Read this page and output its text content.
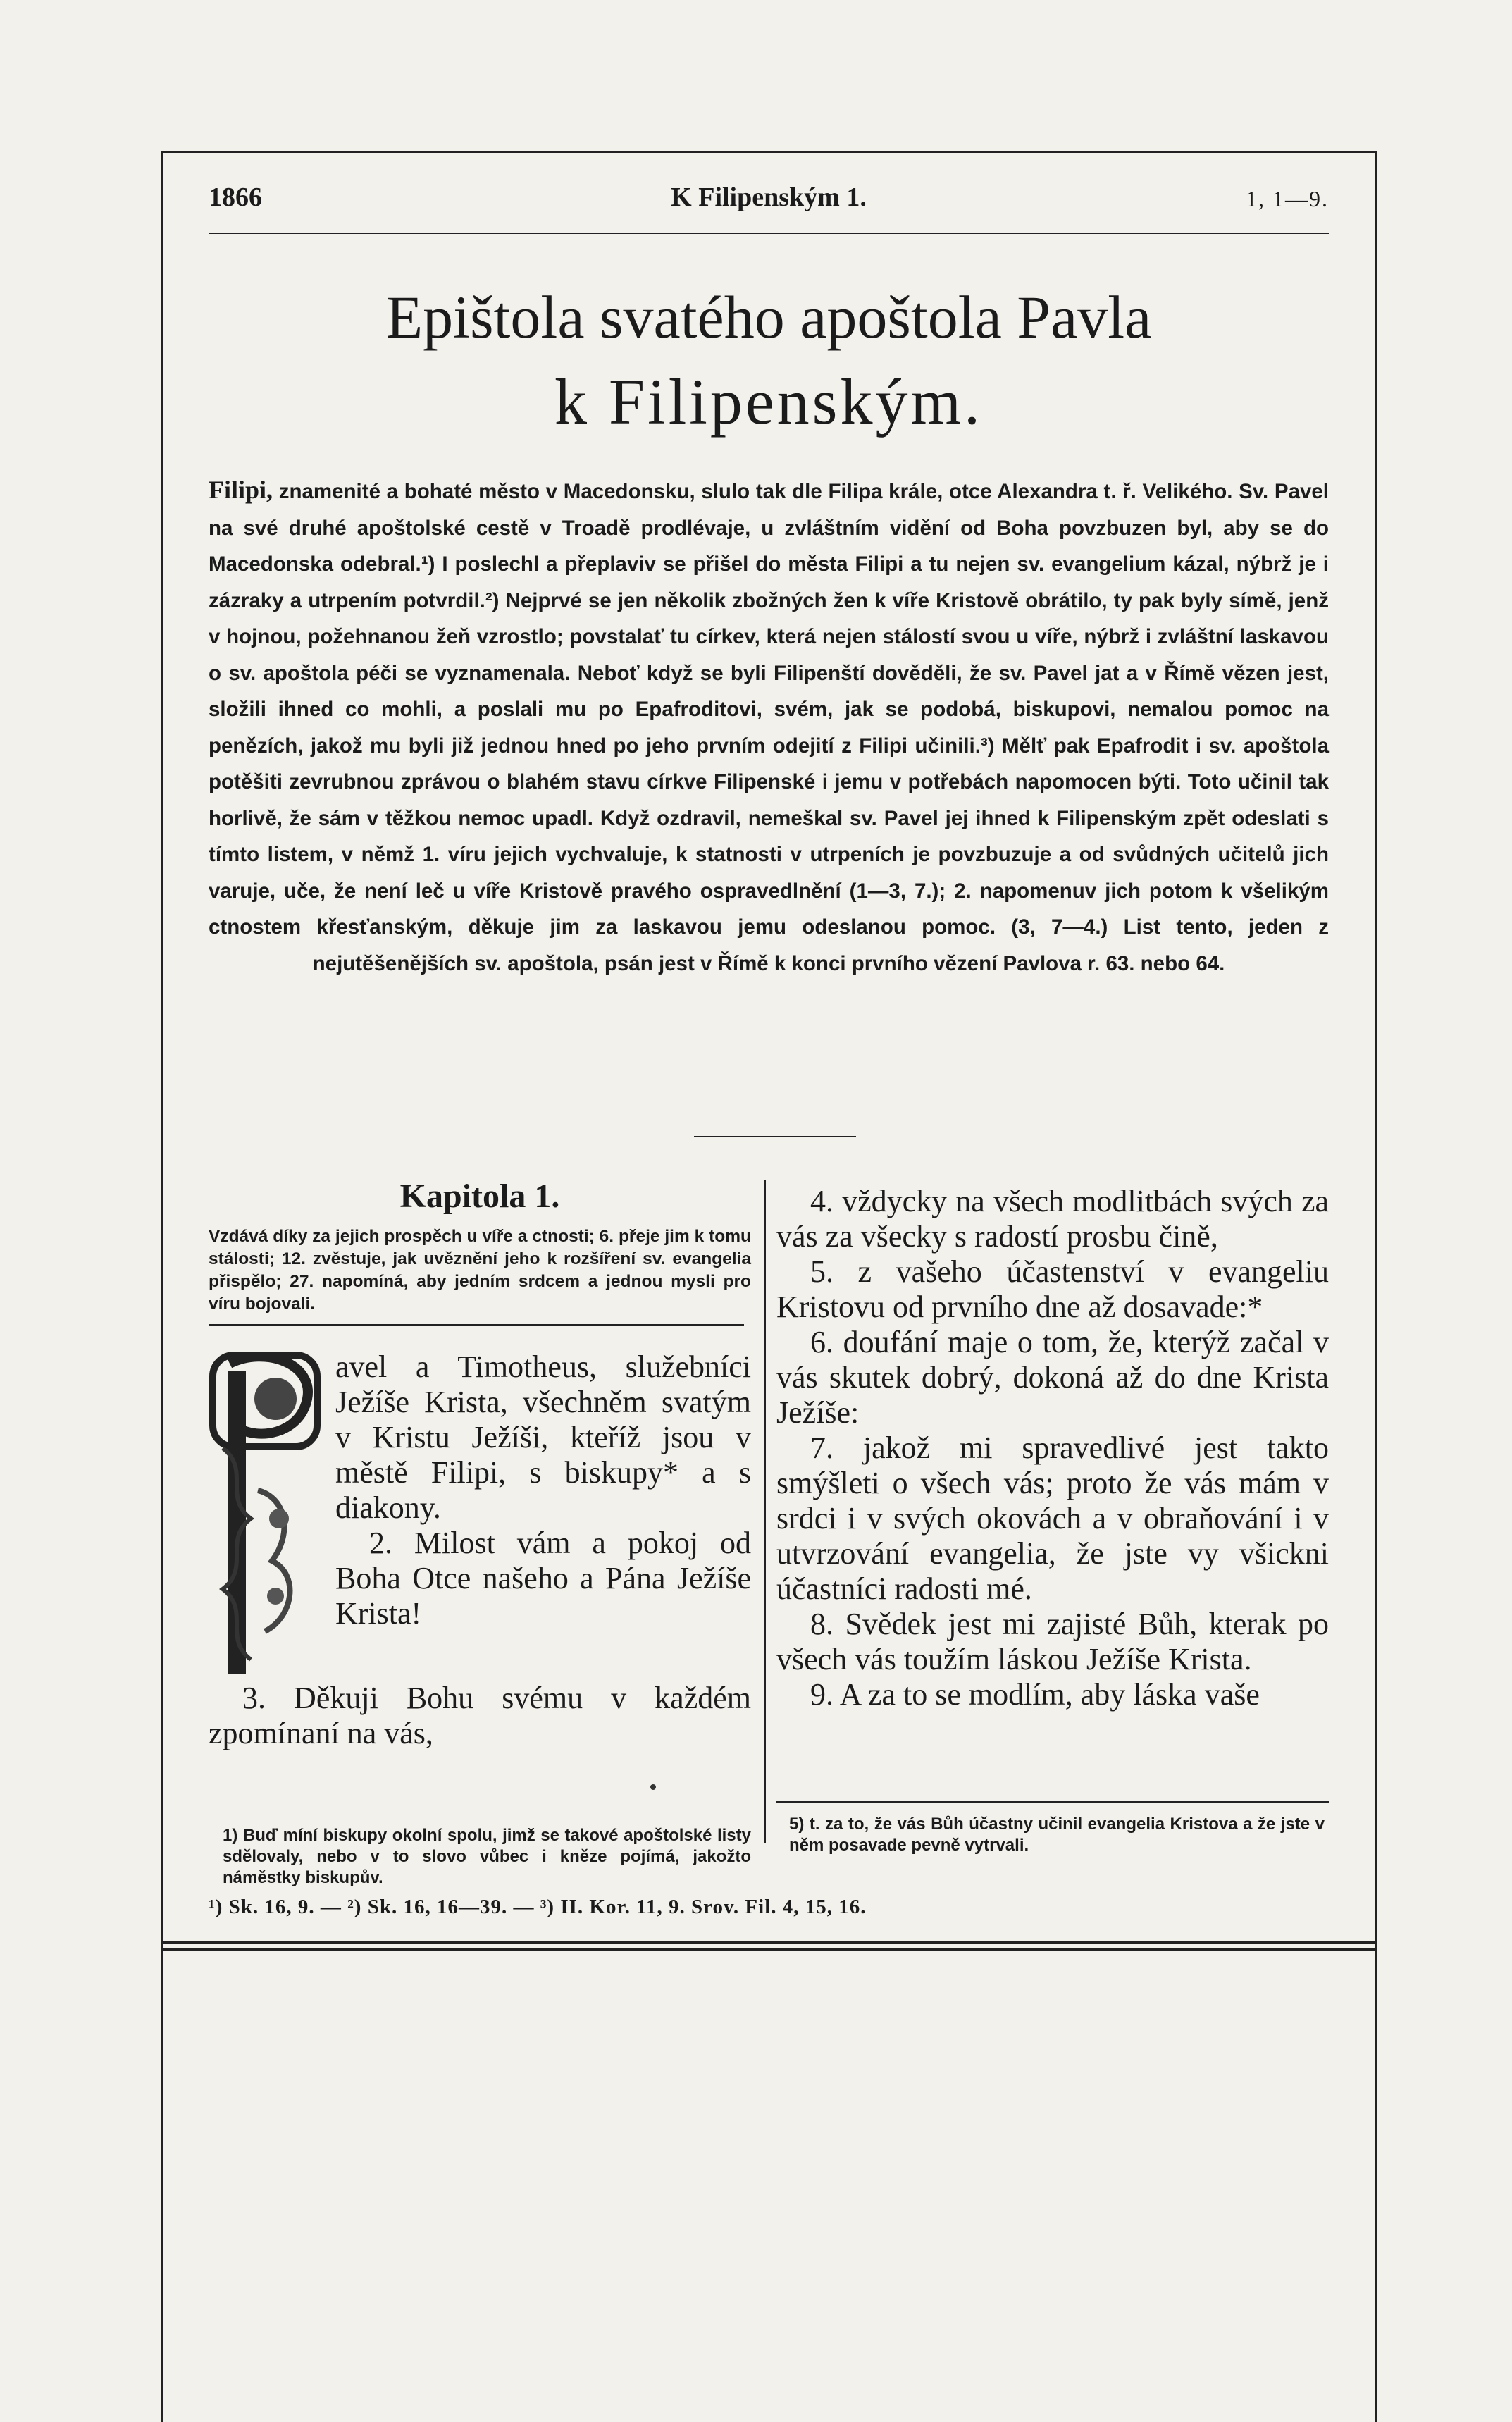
1866	K Filipenským 1.	1, 1—9.
Epištola svatého apoštola Pavla
k Filipenským.
Filipi, znamenité a bohaté město v Macedonsku, slulo tak dle Filipa krále, otce Alexandra t. ř. Velikého. Sv. Pavel na své druhé apoštolské cestě v Troadě prodlévaje, u zvláštním vidění od Boha povzbuzen byl, aby se do Macedonska odebral.¹) I poslechl a přeplaviv se přišel do města Filipi a tu nejen sv. evangelium kázal, nýbrž je i zázraky a utrpením potvrdil.²) Nejprvé se jen několik zbožných žen k víře Kristově obrátilo, ty pak byly símě, jenž v hojnou, požehnanou žeň vzrostlo; povstalať tu církev, která nejen stálostí svou u víře, nýbrž i zvláštní laskavou o sv. apoštola péči se vyznamenala. Neboť když se byli Filipenští dověděli, že sv. Pavel jat a v Římě vězen jest, složili ihned co mohli, a poslali mu po Epafroditovi, svém, jak se podobá, biskupovi, nemalou pomoc na penězích, jakož mu byli již jednou hned po jeho prvním odejití z Filipi učinili.³) Mělť pak Epafrodit i sv. apoštola potěšiti zevrubnou zprávou o blahém stavu církve Filipenské i jemu v potřebách napomocen býti. Toto učinil tak horlivě, že sám v těžkou nemoc upadl. Když ozdravil, nemeškal sv. Pavel jej ihned k Filipenským zpět odeslati s tímto listem, v němž 1. víru jejich vychvaluje, k statnosti v utrpeních je povzbuzuje a od svůdných učitelů jich varuje, uče, že není leč u víře Kristově pravého ospravedlnění (1—3, 7.); 2. napomenuv jich potom k všelikým ctnostem křesťanským, děkuje jim za laskavou jemu odeslanou pomoc. (3, 7—4.) List tento, jeden z nejutěšenějších sv. apoštola, psán jest v Římě k konci prvního vězení Pavlova r. 63. nebo 64.
Kapitola 1.
Vzdává díky za jejich prospěch u víře a ctnosti; 6. přeje jim k tomu stálosti; 12. zvěstuje, jak uvěznění jeho k rozšíření sv. evangelia přispělo; 27. napomíná, aby jedním srdcem a jednou mysli pro víru bojovali.
avel a Timotheus, služebníci Ježíše Krista, všechněm svatým v Kristu Ježíši, kteříž jsou v městě Filipi, s biskupy* a s diakony.
2. Milost vám a pokoj od Boha Otce našeho a Pána Ježíše Krista!
3. Děkuji Bohu svému v každém zpomínaní na vás,

4. vždycky na všech modlitbách svých za vás za všecky s radostí prosbu čině,

5. z vašeho účastenství v evangeliu Kristovu od prvního dne až dosavade:*

6. doufání maje o tom, že, kterýž začal v vás skutek dobrý, dokoná až do dne Krista Ježíše:

7. jakož mi spravedlivé jest takto smýšleti o všech vás; proto že vás mám v srdci i v svých okovách a v obraňování i v utvrzování evangelia, že jste vy všickni účastníci radosti mé.

8. Svědek jest mi zajisté Bůh, kterak po všech vás toužím láskou Ježíše Krista.

9. A za to se modlím, aby láska vaše

1) Buď míní biskupy okolní spolu, jimž se takové apoštolské listy sdělovaly, nebo v to slovo vůbec i kněze pojímá, jakožto náměstky biskupův.
5) t. za to, že vás Bůh účastny učinil evangelia Kristova a že jste v něm posavade pevně vytrvali.
¹) Sk. 16, 9. — ²) Sk. 16, 16—39. — ³) II. Kor. 11, 9. Srov. Fil. 4, 15, 16.
